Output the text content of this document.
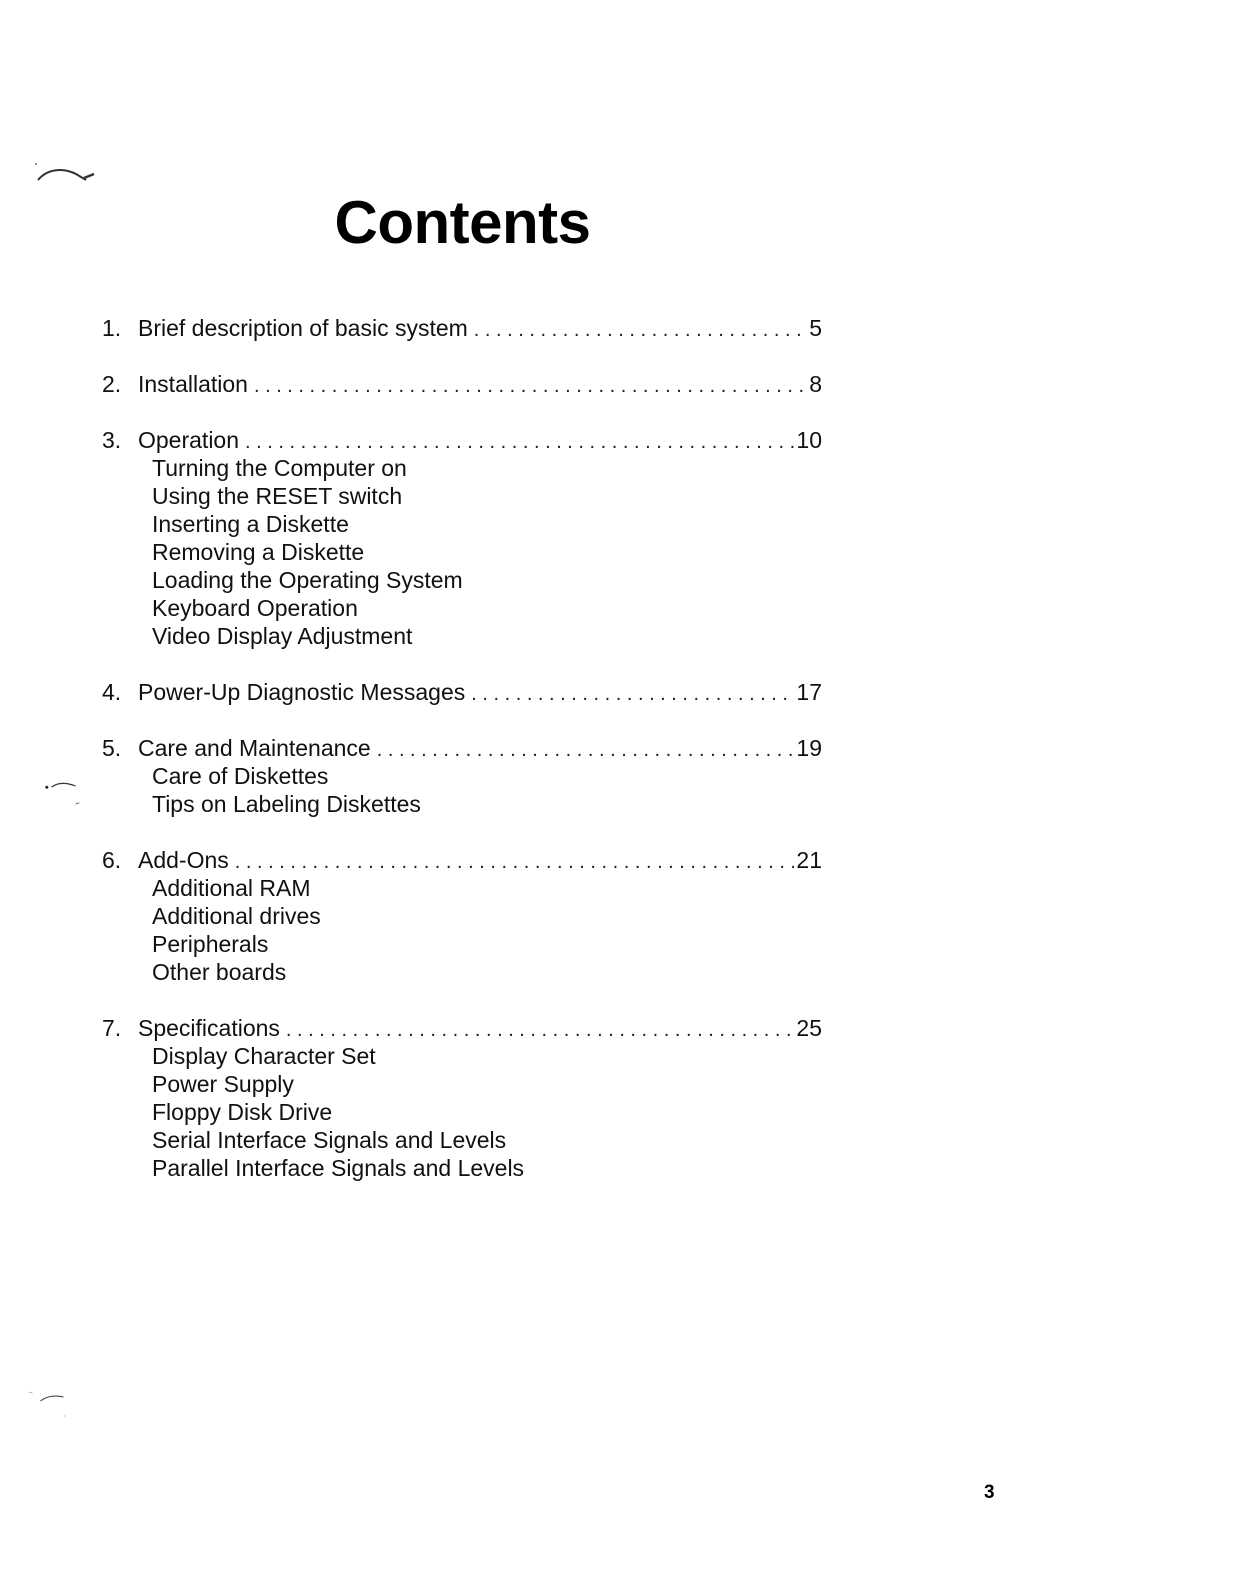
Contents
1. Brief description of basic system . . .	5
2. Installation . . .	8
3. Operation . . .	10
Turning the Computer on
Using the RESET switch
Inserting a Diskette
Removing a Diskette
Loading the Operating System
Keyboard Operation
Video Display Adjustment
4. Power-Up Diagnostic Messages . . .	17
5. Care and Maintenance . . .	19
Care of Diskettes
Tips on Labeling Diskettes
6. Add-Ons . . .	21
Additional RAM
Additional drives
Peripherals
Other boards
7. Specifications . . .	25
Display Character Set
Power Supply
Floppy Disk Drive
Serial Interface Signals and Levels
Parallel Interface Signals and Levels
3
